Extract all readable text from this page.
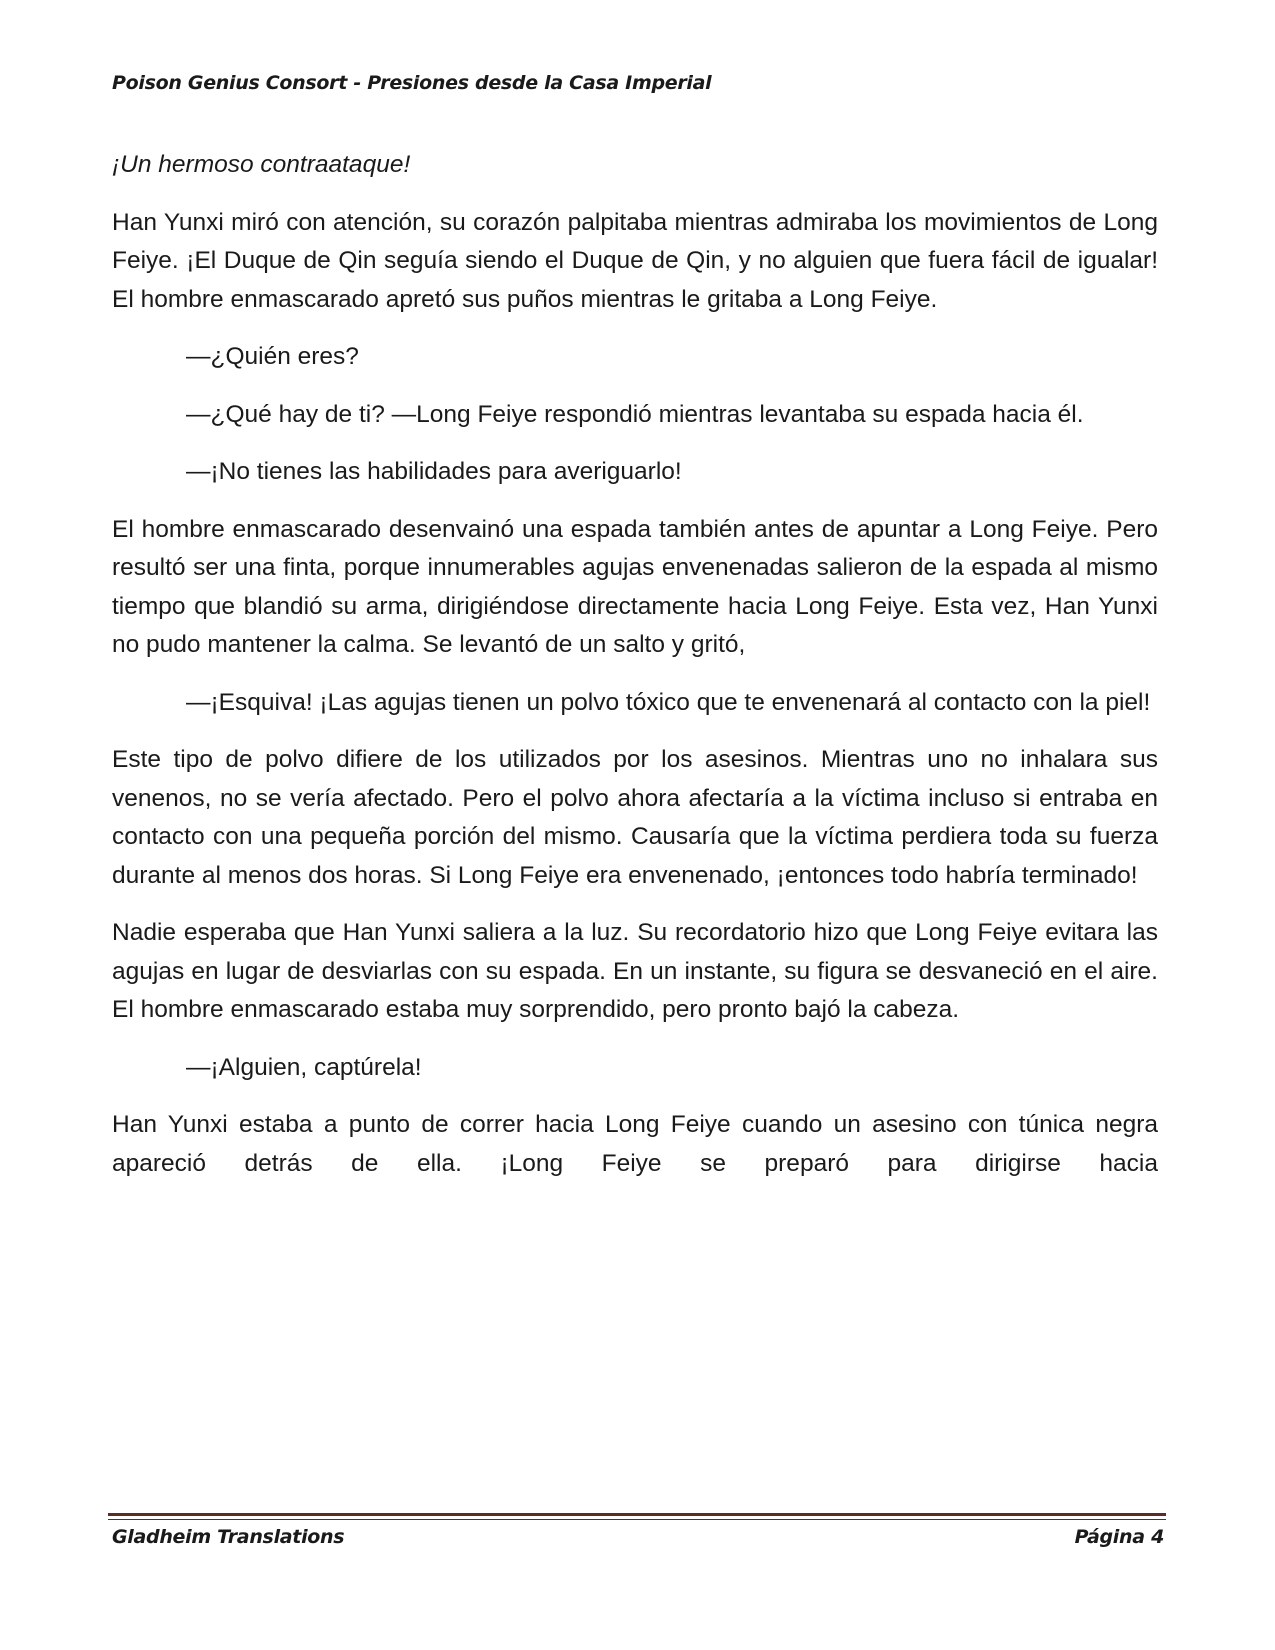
Poison Genius Consort - Presiones desde la Casa Imperial

¡Un hermoso contraataque!

Han Yunxi miró con atención, su corazón palpitaba mientras admiraba los movimientos de Long Feiye. ¡El Duque de Qin seguía siendo el Duque de Qin, y no alguien que fuera fácil de igualar! El hombre enmascarado apretó sus puños mientras le gritaba a Long Feiye.

—¿Quién eres?

—¿Qué hay de ti? —Long Feiye respondió mientras levantaba su espada hacia él.

—¡No tienes las habilidades para averiguarlo!

El hombre enmascarado desenvainó una espada también antes de apuntar a Long Feiye. Pero resultó ser una finta, porque innumerables agujas envenenadas salieron de la espada al mismo tiempo que blandió su arma, dirigiéndose directamente hacia Long Feiye. Esta vez, Han Yunxi no pudo mantener la calma. Se levantó de un salto y gritó,

—¡Esquiva! ¡Las agujas tienen un polvo tóxico que te envenenará al contacto con la piel!

Este tipo de polvo difiere de los utilizados por los asesinos. Mientras uno no inhalara sus venenos, no se vería afectado. Pero el polvo ahora afectaría a la víctima incluso si entraba en contacto con una pequeña porción del mismo. Causaría que la víctima perdiera toda su fuerza durante al menos dos horas. Si Long Feiye era envenenado, ¡entonces todo habría terminado!

Nadie esperaba que Han Yunxi saliera a la luz. Su recordatorio hizo que Long Feiye evitara las agujas en lugar de desviarlas con su espada. En un instante, su figura se desvaneció en el aire. El hombre enmascarado estaba muy sorprendido, pero pronto bajó la cabeza.

—¡Alguien, captúrela!

Han Yunxi estaba a punto de correr hacia Long Feiye cuando un asesino con túnica negra apareció detrás de ella. ¡Long Feiye se preparó para dirigirse hacia

Gladheim Translations	Página 4
